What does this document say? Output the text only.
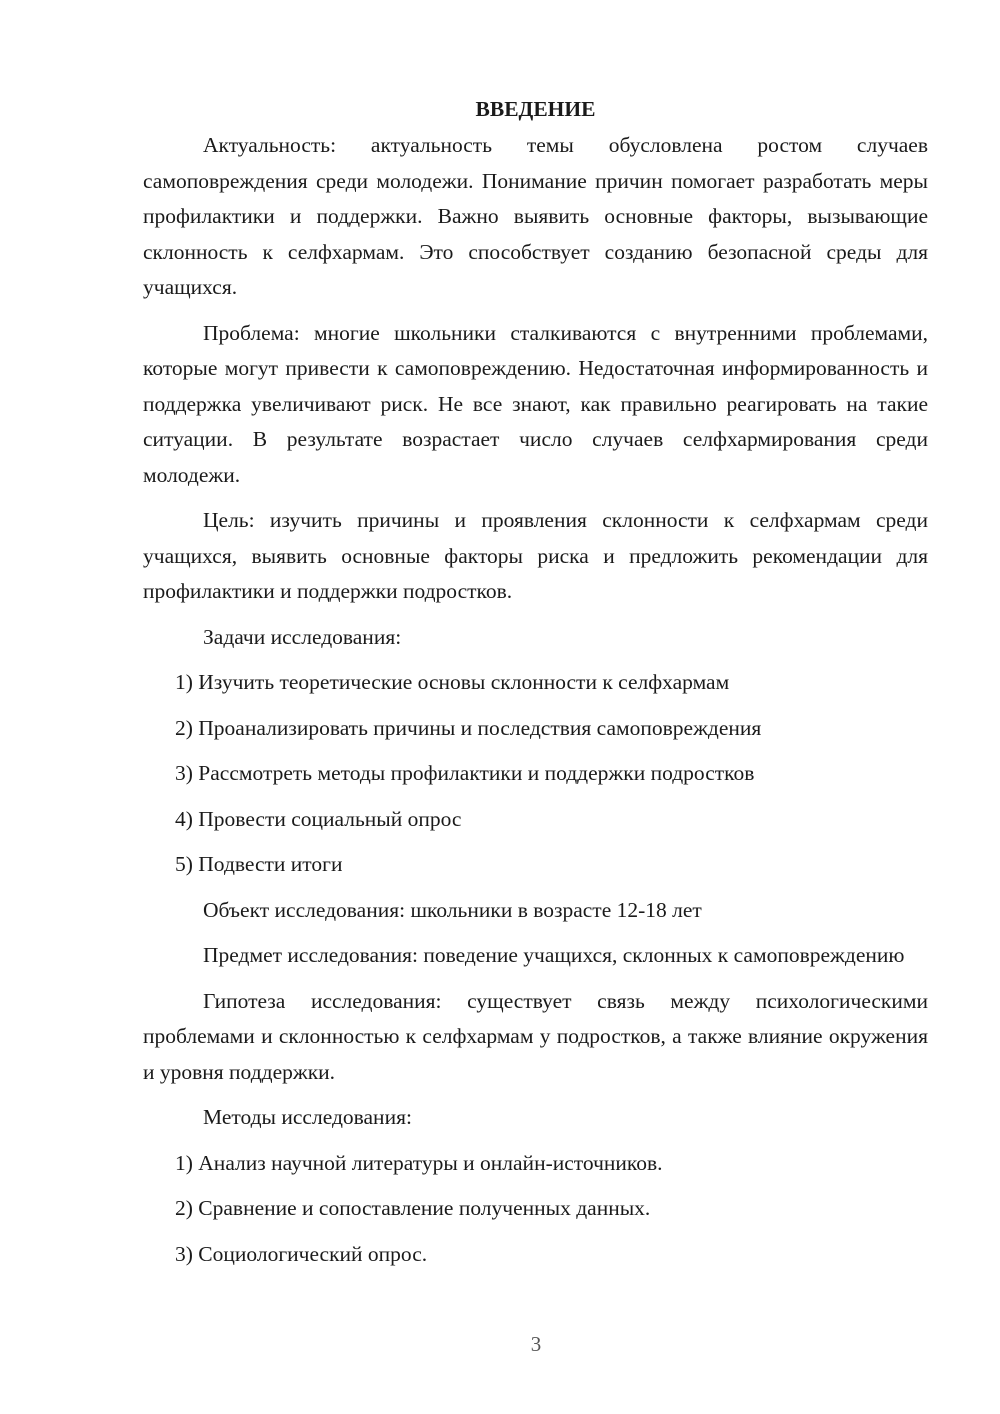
ВВЕДЕНИЕ

Актуальность: актуальность темы обусловлена ростом случаев самоповреждения среди молодежи. Понимание причин помогает разработать меры профилактики и поддержки. Важно выявить основные факторы, вызывающие склонность к селфхармам. Это способствует созданию безопасной среды для учащихся.

Проблема: многие школьники сталкиваются с внутренними проблемами, которые могут привести к самоповреждению. Недостаточная информированность и поддержка увеличивают риск. Не все знают, как правильно реагировать на такие ситуации. В результате возрастает число случаев селфхармирования среди молодежи.

Цель: изучить причины и проявления склонности к селфхармам среди учащихся, выявить основные факторы риска и предложить рекомендации для профилактики и поддержки подростков.

Задачи исследования:

1) Изучить теоретические основы склонности к селфхармам

2) Проанализировать причины и последствия самоповреждения

3) Рассмотреть методы профилактики и поддержки подростков

4) Провести социальный опрос

5) Подвести итоги

Объект исследования: школьники в возрасте 12-18 лет

Предмет исследования: поведение учащихся, склонных к самоповреждению

Гипотеза исследования: существует связь между психологическими проблемами и склонностью к селфхармам у подростков, а также влияние окружения и уровня поддержки.

Методы исследования:

1) Анализ научной литературы и онлайн-источников.

2) Сравнение и сопоставление полученных данных.

3) Социологический опрос.

3
